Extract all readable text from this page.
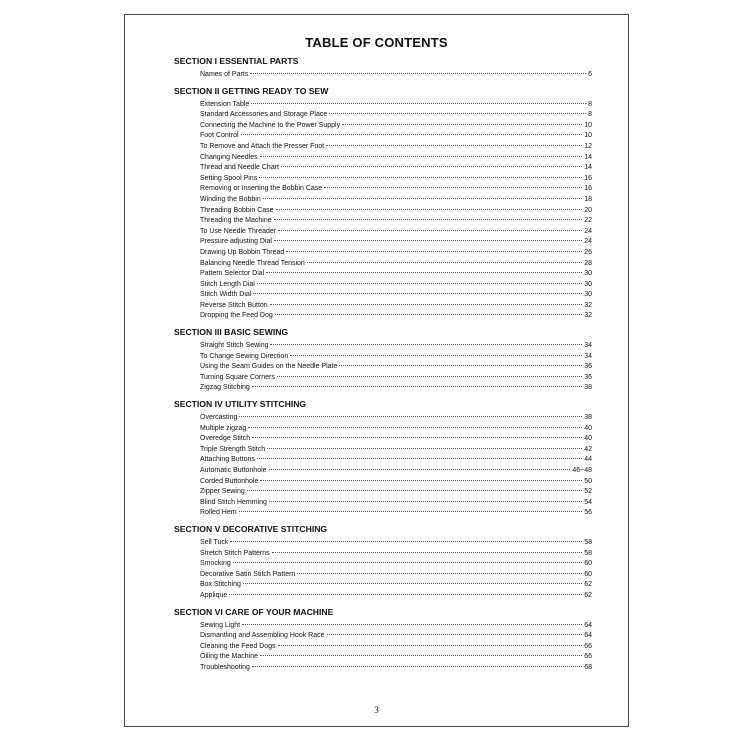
TABLE OF CONTENTS
SECTION I ESSENTIAL PARTS
Names of Parts	6
SECTION II GETTING READY TO SEW
Extension Table	8
Standard Accessories and Storage Place	8
Connecting the Machine to the Power Supply	10
Foot Control	10
To Remove and Attach the Presser Foot	12
Changing Needles	14
Thread and Needle Chart	14
Setting Spool Pins	16
Removing or Inserting the Bobbin Case	16
Winding the Bobbin	18
Threading Bobbin Case	20
Threading the Machine	22
To Use Needle Threader	24
Pressure adjusting Dial	24
Drawing Up Bobbin Thread	26
Balancing Needle Thread Tension	28
Pattern Selector Dial	30
Stitch Length Dial	30
Stitch Width Dial	30
Reverse Stitch Button	32
Dropping the Feed Dog	32
SECTION III BASIC SEWING
Straight Stitch Sewing	34
To Change Sewing Direction	34
Using the Seam Guides on the Needle Plate	36
Turning Square Corners	36
Zigzag Stitching	38
SECTION IV UTILITY STITCHING
Overcasting	38
Multiple zigzag	40
Overedge Stitch	40
Triple Strength Stitch	42
Attaching Buttons	44
Automatic Buttonhole	46~48
Corded Buttonhole	50
Zipper Sewing	52
Blind Stitch Hemming	54
Rolled Hem	56
SECTION V DECORATIVE STITCHING
Sell Tuck	58
Stretch Stitch Patterns	58
Smocking	60
Decorative Satin Stitch Pattern	60
Box Stitching	62
Applique	62
SECTION VI CARE OF YOUR MACHINE
Sewing Light	64
Dismantling and Assembling Hook Race	64
Cleaning the Feed Dogs	66
Oiling the Machine	66
Troubleshooting	68
3
